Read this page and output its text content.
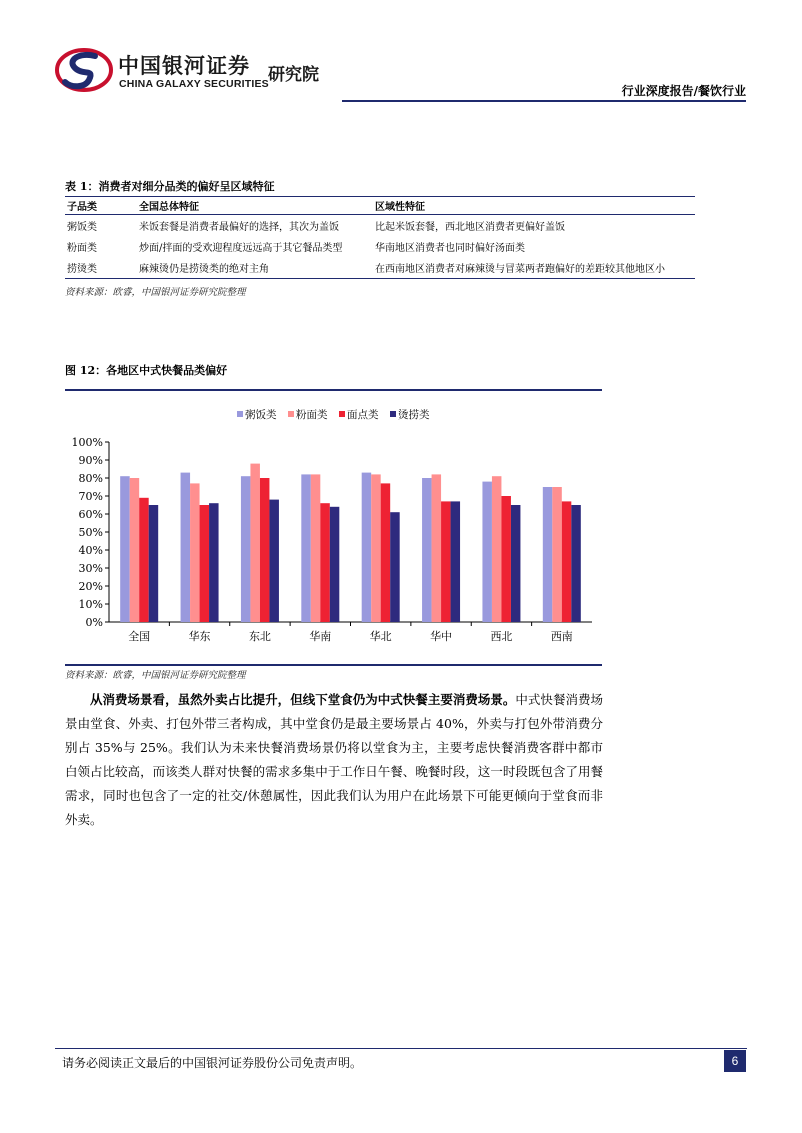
中国银河证券
CHINA GALAXY SECURITIES 研究院
行业深度报告/餐饮行业
表 1：消费者对细分品类的偏好呈区域特征
子品类	全国总体特征	区域性特征
粥饭类	米饭套餐是消费者最偏好的选择，其次为盖饭	比起米饭套餐，西北地区消费者更偏好盖饭
粉面类	炒面/拌面的受欢迎程度远远高于其它餐品类型	华南地区消费者也同时偏好汤面类
捞烫类	麻辣烫仍是捞烫类的绝对主角	在西南地区消费者对麻辣烫与冒菜两者跑偏好的差距较其他地区小
资料来源：欧睿，中国银河证券研究院整理
图 12：各地区中式快餐品类偏好
0%
10%
20%
30%
40%
50%
60%
70%
80%
90%
100%
全国	华东	东北	华南	华北	华中	西北	西南
粥饭类 粉面类 面点类 烫捞类
资料来源：欧睿，中国银河证券研究院整理
从消费场景看，虽然外卖占比提升，但线下堂食仍为中式快餐主要消费场景。中式快餐消费场景由堂食、外卖、打包外带三者构成，其中堂食仍是最主要场景占 40%，外卖与打包外带消费分别占 35%与 25%。我们认为未来快餐消费场景仍将以堂食为主，主要考虑快餐消费客群中都市白领占比较高，而该类人群对快餐的需求多集中于工作日午餐、晚餐时段，这一时段既包含了用餐需求，同时也包含了一定的社交/休憩属性，因此我们认为用户在此场景下可能更倾向于堂食而非外卖。
请务必阅读正文最后的中国银河证券股份公司免责声明。	6
